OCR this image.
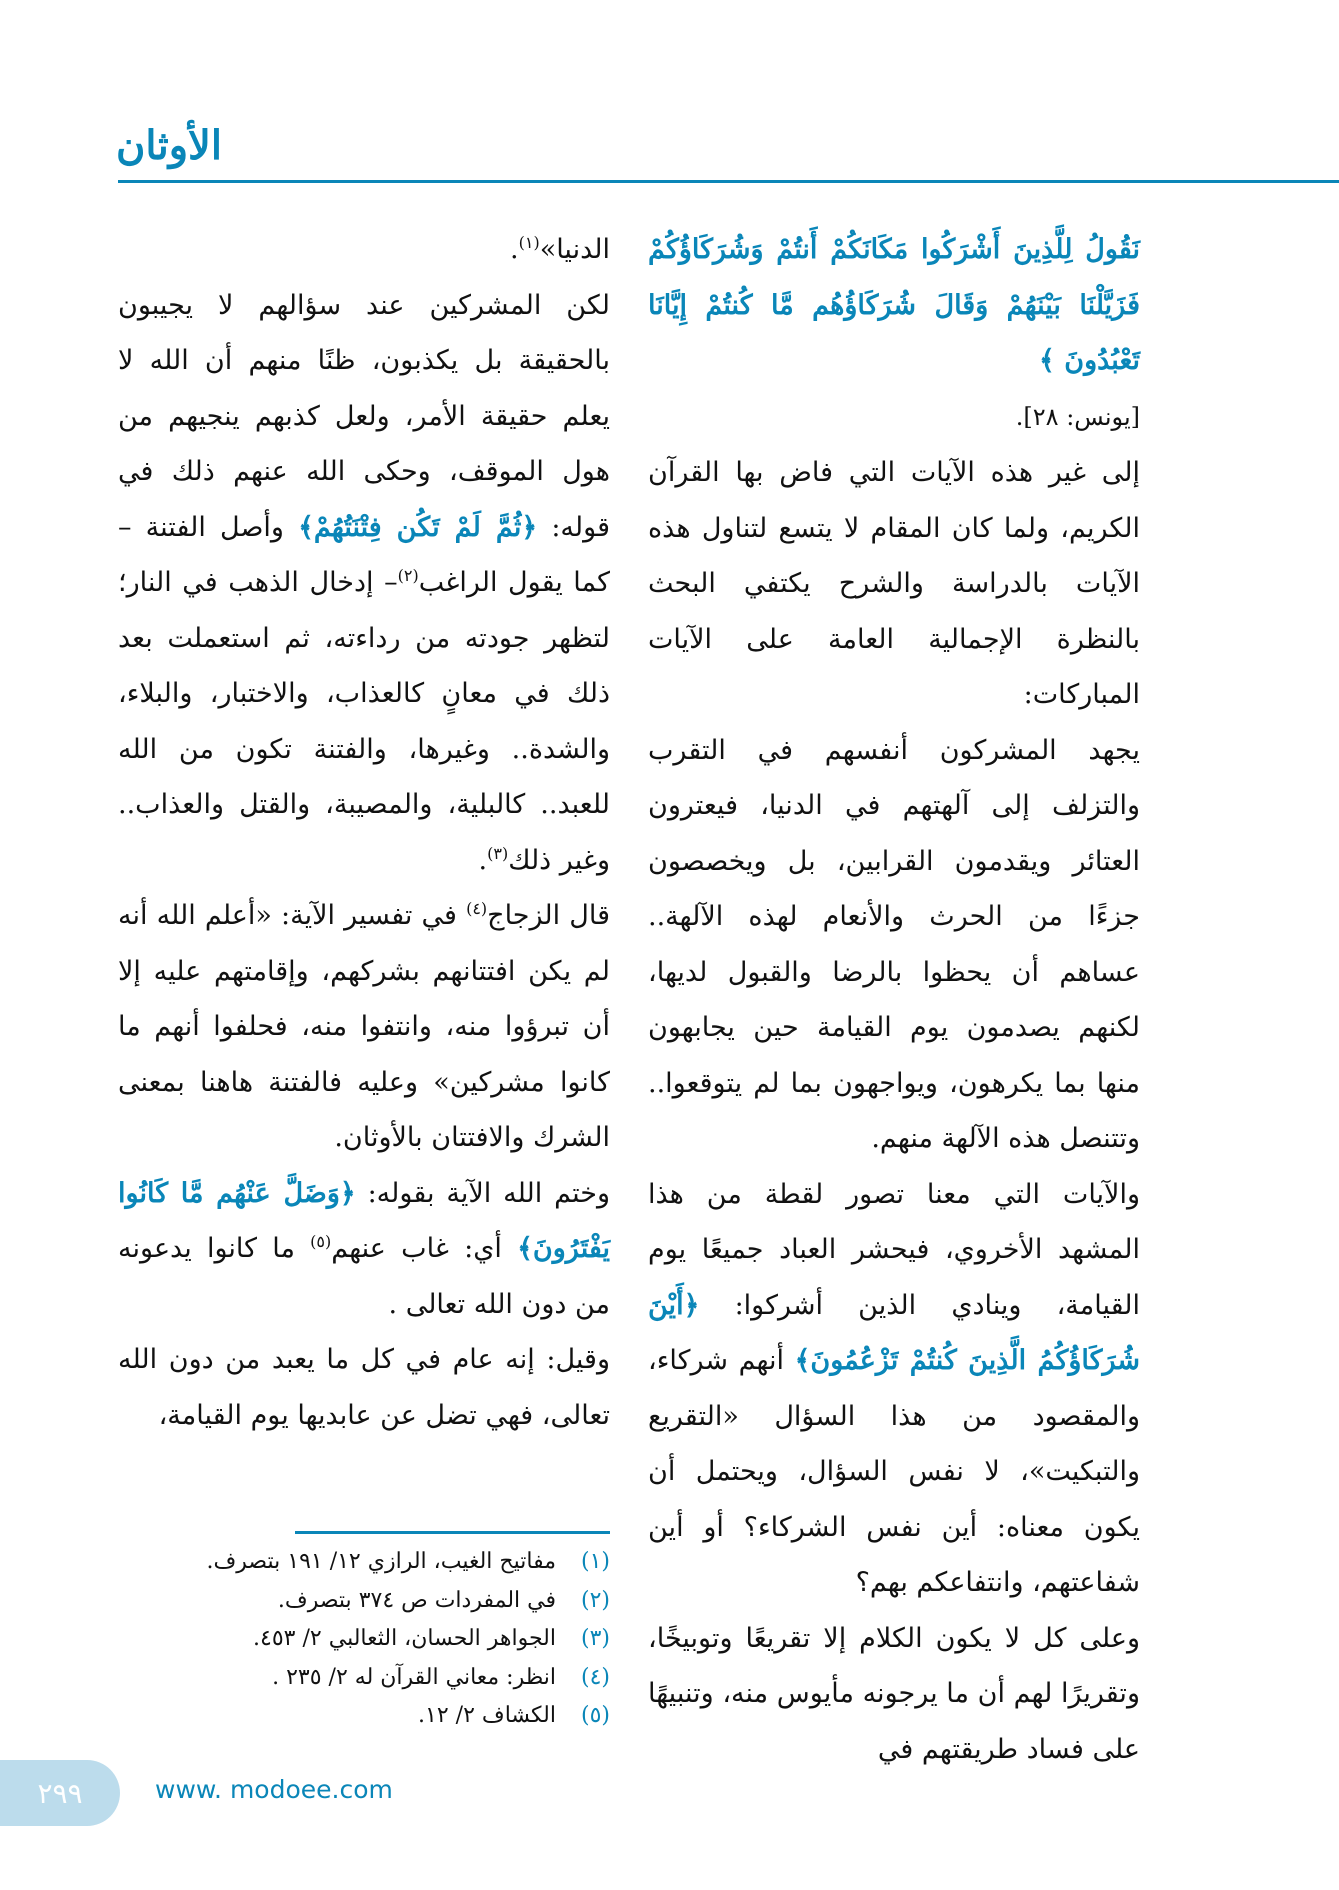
الأوثان

نَقُولُ لِلَّذِينَ أَشْرَكُوا مَكَانَكُمْ أَنتُمْ وَشُرَكَاؤُكُمْ فَزَيَّلْنَا بَيْنَهُمْ وَقَالَ شُرَكَاؤُهُم مَّا كُنتُمْ إِيَّانَا تَعْبُدُونَ ﴾

[يونس: ٢٨].

إلى غير هذه الآيات التي فاض بها القرآن الكريم، ولما كان المقام لا يتسع لتناول هذه الآيات بالدراسة والشرح يكتفي البحث بالنظرة الإجمالية العامة على الآيات المباركات:

يجهد المشركون أنفسهم في التقرب والتزلف إلى آلهتهم في الدنيا، فيعترون العتائر ويقدمون القرابين، بل ويخصصون جزءًا من الحرث والأنعام لهذه الآلهة.. عساهم أن يحظوا بالرضا والقبول لديها، لكنهم يصدمون يوم القيامة حين يجابهون منها بما يكرهون، ويواجهون بما لم يتوقعوا.. وتتنصل هذه الآلهة منهم.

والآيات التي معنا تصور لقطة من هذا المشهد الأخروي، فيحشر العباد جميعًا يوم القيامة، وينادي الذين أشركوا: ﴿أَيْنَ شُرَكَاؤُكُمُ الَّذِينَ كُنتُمْ تَزْعُمُونَ﴾ أنهم شركاء، والمقصود من هذا السؤال «التقريع والتبكيت»، لا نفس السؤال، ويحتمل أن يكون معناه: أين نفس الشركاء؟ أو أين شفاعتهم، وانتفاعكم بهم؟

وعلى كل لا يكون الكلام إلا تقريعًا وتوبيخًا، وتقريرًا لهم أن ما يرجونه مأيوس منه، وتنبيهًا على فساد طريقتهم في

الدنيا»$^{(١)}$.

لكن المشركين عند سؤالهم لا يجيبون بالحقيقة بل يكذبون، ظنًا منهم أن الله لا يعلم حقيقة الأمر، ولعل كذبهم ينجيهم من هول الموقف، وحكى الله عنهم ذلك في قوله: ﴿ثُمَّ لَمْ تَكُن فِتْنَتُهُمْ﴾ وأصل الفتنة – كما يقول الراغب$^{(٢)}$– إدخال الذهب في النار؛ لتظهر جودته من رداءته، ثم استعملت بعد ذلك في معانٍ كالعذاب، والاختبار، والبلاء، والشدة.. وغيرها، والفتنة تكون من الله للعبد.. كالبلية، والمصيبة، والقتل والعذاب.. وغير ذلك$^{(٣)}$.

قال الزجاج$^{(٤)}$ في تفسير الآية: «أعلم الله أنه لم يكن افتتانهم بشركهم، وإقامتهم عليه إلا أن تبرؤوا منه، وانتفوا منه، فحلفوا أنهم ما كانوا مشركين» وعليه فالفتنة هاهنا بمعنى الشرك والافتتان بالأوثان.

وختم الله الآية بقوله: ﴿وَضَلَّ عَنْهُم مَّا كَانُوا يَفْتَرُونَ﴾ أي: غاب عنهم$^{(٥)}$ ما كانوا يدعونه من دون الله تعالى .

وقيل: إنه عام في كل ما يعبد من دون الله تعالى، فهي تضل عن عابديها يوم القيامة،

(١)
مفاتيح الغيب، الرازي ١٢/ ١٩١ بتصرف.
(٢)
في المفردات ص ٣٧٤ بتصرف.
(٣)
الجواهر الحسان، الثعالبي ٢/ ٤٥٣.
(٤)
انظر: معاني القرآن له ٢/ ٢٣٥ .
(٥)
الكشاف ٢/ ١٢.
٢٩٩	www. modoee.com
